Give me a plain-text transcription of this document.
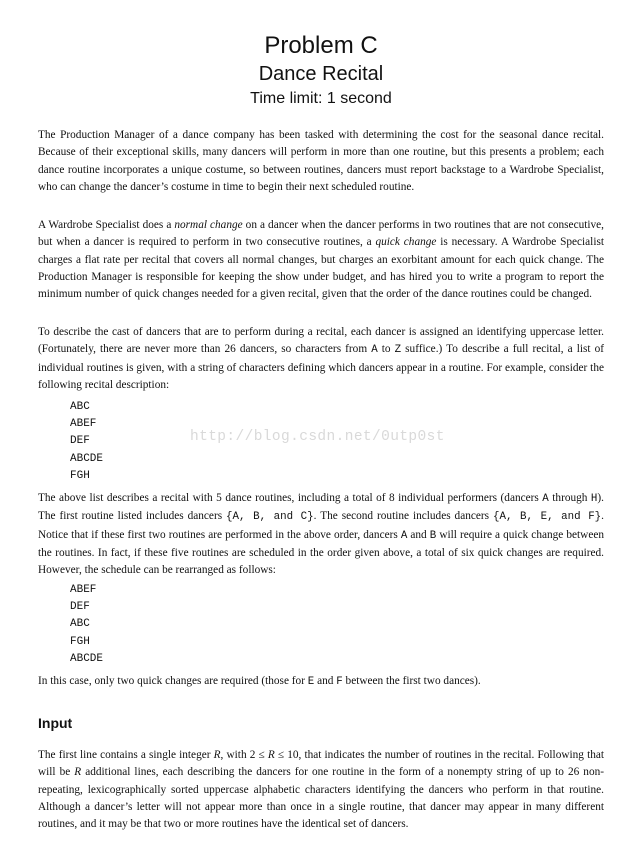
Problem C
Dance Recital
Time limit: 1 second

The Production Manager of a dance company has been tasked with determining the cost for the seasonal dance recital. Because of their exceptional skills, many dancers will perform in more than one routine, but this presents a problem; each dance routine incorporates a unique costume, so between routines, dancers must report backstage to a Wardrobe Specialist, who can change the dancer’s costume in time to begin their next scheduled routine.

A Wardrobe Specialist does a normal change on a dancer when the dancer performs in two routines that are not consecutive, but when a dancer is required to perform in two consecutive routines, a quick change is necessary. A Wardrobe Specialist charges a flat rate per recital that covers all normal changes, but charges an exorbitant amount for each quick change. The Production Manager is responsible for keeping the show under budget, and has hired you to write a program to report the minimum number of quick changes needed for a given recital, given that the order of the dance routines could be changed.

To describe the cast of dancers that are to perform during a recital, each dancer is assigned an identifying uppercase letter. (Fortunately, there are never more than 26 dancers, so characters from A to Z suffice.) To describe a full recital, a list of individual routines is given, with a string of characters defining which dancers appear in a routine. For example, consider the following recital description:

ABC
ABEF
DEF
ABCDE
FGH

The above list describes a recital with 5 dance routines, including a total of 8 individual performers (dancers A through H). The first routine listed includes dancers {A, B, and C}. The second routine includes dancers {A, B, E, and F}. Notice that if these first two routines are performed in the above order, dancers A and B will require a quick change between the routines. In fact, if these five routines are scheduled in the order given above, a total of six quick changes are required. However, the schedule can be rearranged as follows:

ABEF
DEF
ABC
FGH
ABCDE

In this case, only two quick changes are required (those for E and F between the first two dances).

Input

The first line contains a single integer R, with 2 ≤ R ≤ 10, that indicates the number of routines in the recital. Following that will be R additional lines, each describing the dancers for one routine in the form of a nonempty string of up to 26 non-repeating, lexicographically sorted uppercase alphabetic characters identifying the dancers who perform in that routine. Although a dancer’s letter will not appear more than once in a single routine, that dancer may appear in many different routines, and it may be that two or more routines have the identical set of dancers.

http://blog.csdn.net/0utp0st
